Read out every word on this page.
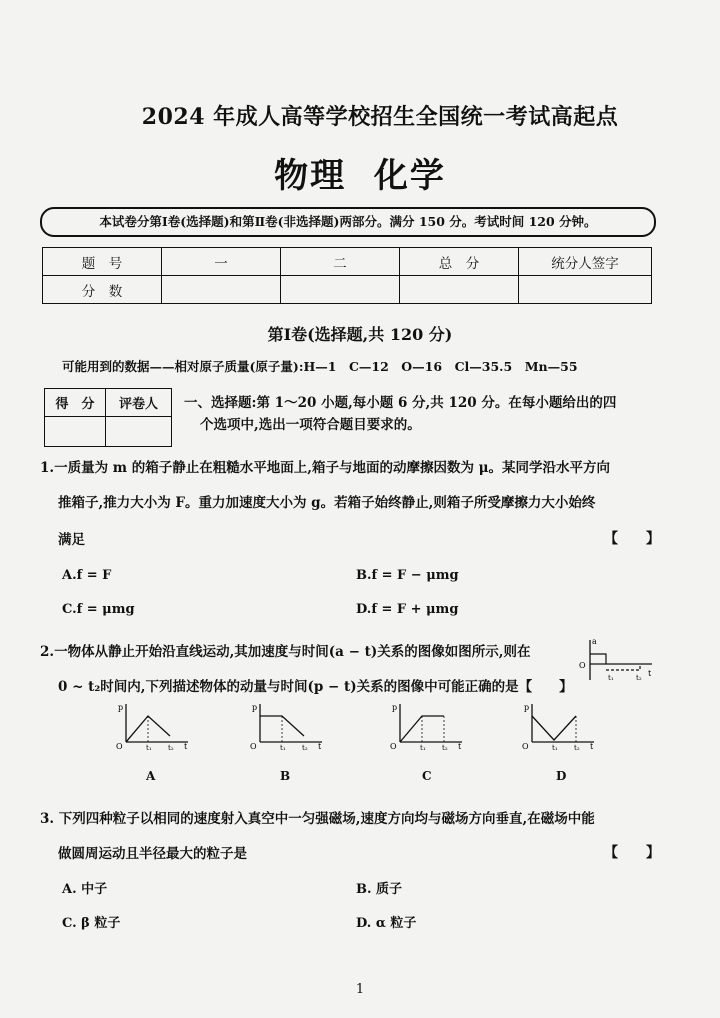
2024 年成人高等学校招生全国统一考试高起点
物理  化学
本试卷分第Ⅰ卷(选择题)和第Ⅱ卷(非选择题)两部分。满分 150 分。考试时间 120 分钟。
题　号	一	二	总　分	统分人签字
分　数				
第Ⅰ卷(选择题,共 120 分)
可能用到的数据——相对原子质量(原子量):H—1　C—12　O—16　Cl—35.5　Mn—55
得　分	评卷人
	一、选择题:第 1～20 小题,每小题 6 分,共 120 分。在每小题给出的四
个选项中,选出一项符合题目要求的。
1.一质量为 m 的箱子静止在粗糙水平地面上,箱子与地面的动摩擦因数为 μ。某同学沿水平方向
推箱子,推力大小为 F。重力加速度大小为 g。若箱子始终静止,则箱子所受摩擦力大小始终
满足	【　　】
A.f = F	B.f = F − μmg
C.f = μmg	D.f = F + μmg
2.一物体从静止开始沿直线运动,其加速度与时间(a − t)关系的图像如图所示,则在
0 ~ t₂时间内,下列描述物体的动量与时间(p − t)关系的图像中可能正确的是【　　】
a
O
t₁	t₂ t
p
O	t₁ t₂ t
p
O	t₁ t₂ t
p
O	t₁ t₂ t
p
O	t₁ t₂ t
A	B	C	D
3. 下列四种粒子以相同的速度射入真空中一匀强磁场,速度方向均与磁场方向垂直,在磁场中能
做圆周运动且半径最大的粒子是	【　　】
A. 中子	B. 质子
C. β 粒子	D. α 粒子
1
